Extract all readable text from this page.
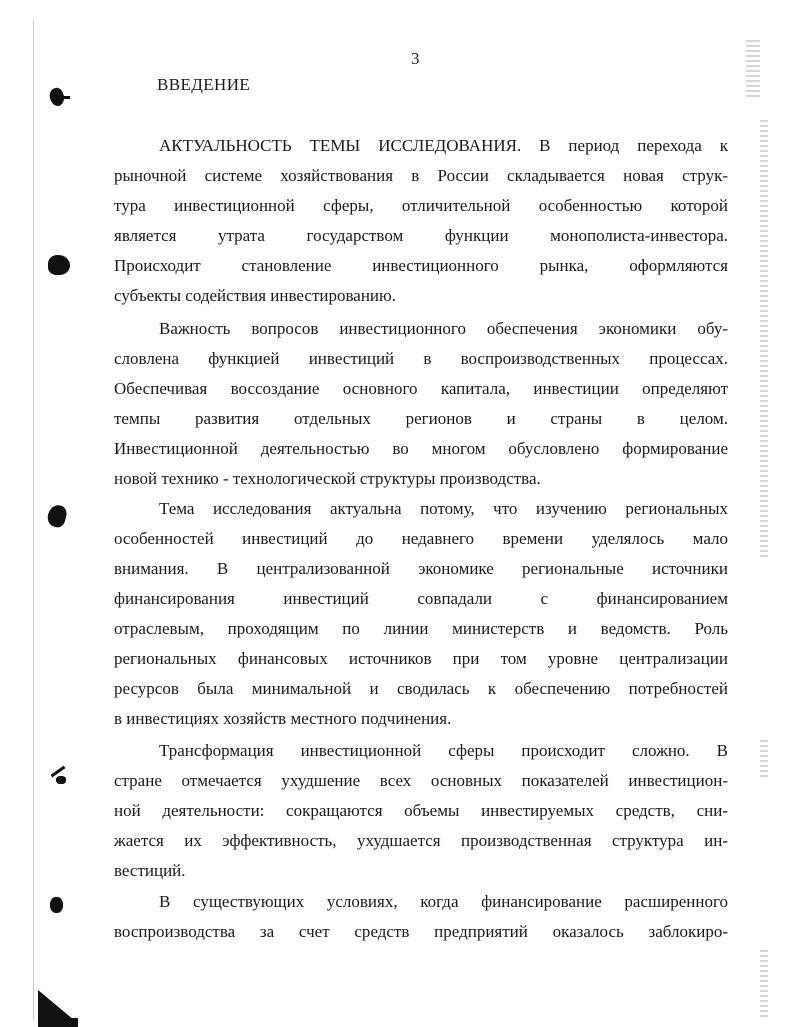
3
ВВЕДЕНИЕ
АКТУАЛЬНОСТЬ ТЕМЫ ИССЛЕДОВАНИЯ. В период перехода к
рыночной системе хозяйствования в России складывается новая струк-
тура инвестиционной сферы, отличительной особенностью которой
является утрата государством функции монополиста-инвестора.
Происходит становление инвестиционного рынка, оформляются
субъекты содействия инвестированию.
Важность вопросов инвестиционного обеспечения экономики обу-
словлена функцией инвестиций в воспроизводственных процессах.
Обеспечивая воссоздание основного капитала, инвестиции определяют
темпы развития отдельных регионов и страны в целом.
Инвестиционной деятельностью во многом обусловлено формирование
новой технико - технологической структуры производства.
Тема исследования актуальна потому, что изучению региональных
особенностей инвестиций до недавнего времени уделялось мало
внимания. В централизованной экономике региональные источники
финансирования инвестиций совпадали с финансированием
отраслевым, проходящим по линии министерств и ведомств. Роль
региональных финансовых источников при том уровне централизации
ресурсов была минимальной и сводилась к обеспечению потребностей
в инвестициях хозяйств местного подчинения.
Трансформация инвестиционной сферы происходит сложно. В
стране отмечается ухудшение всех основных показателей инвестицион-
ной деятельности: сокращаются объемы инвестируемых средств, сни-
жается их эффективность, ухудшается производственная структура ин-
вестиций.
В существующих условиях, когда финансирование расширенного
воспроизводства за счет средств предприятий оказалось заблокиро-
